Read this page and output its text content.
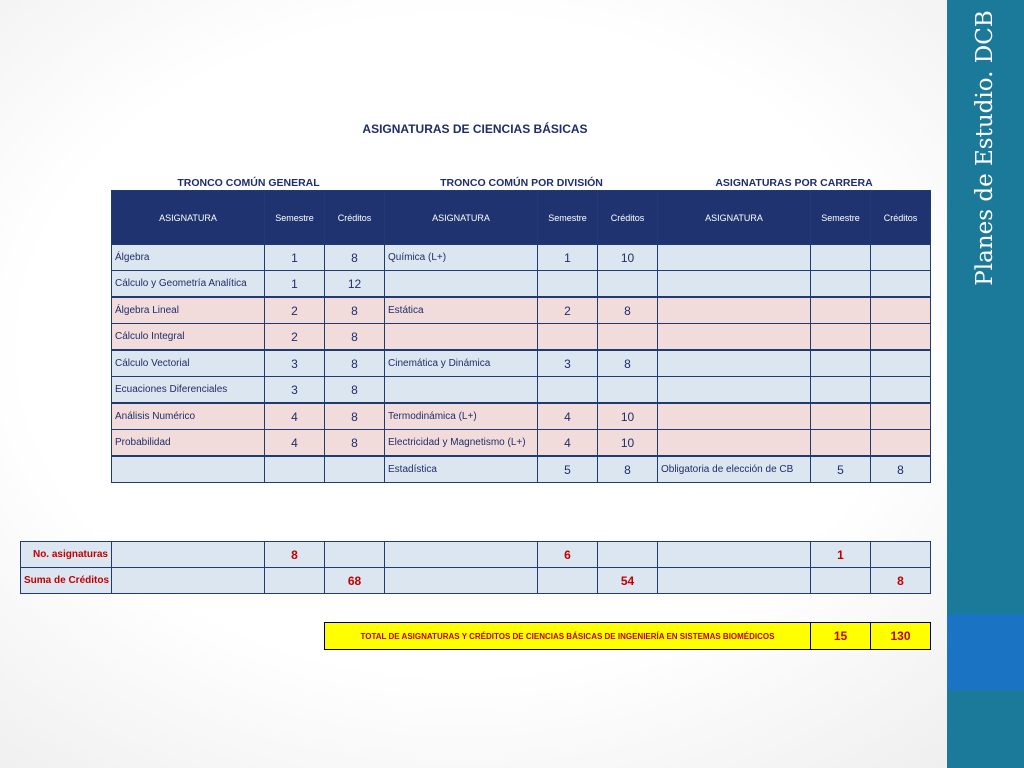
Planes de Estudio. DCB
ASIGNATURAS DE CIENCIAS BÁSICAS
TRONCO COMÚN GENERAL	TRONCO COMÚN POR DIVISIÓN	ASIGNATURAS POR CARRERA
ASIGNATURA	Semestre	Créditos	ASIGNATURA	Semestre	Créditos	ASIGNATURA	Semestre	Créditos
Álgebra	1	8	Química (L+)	1	10			
Cálculo y Geometría Analítica	1	12						
Álgebra Lineal	2	8	Estática	2	8			
Cálculo Integral	2	8						
Cálculo Vectorial	3	8	Cinemática y Dinámica	3	8			
Ecuaciones Diferenciales	3	8						
Análisis Numérico	4	8	Termodinámica (L+)	4	10			
Probabilidad	4	8	Electricidad y Magnetismo (L+)	4	10			
			Estadística	5	8	Obligatoria de elección de CB	5	8
No. asignaturas		8			6			1	
Suma de Créditos			68			54			8
TOTAL DE ASIGNATURAS Y CRÉDITOS DE CIENCIAS BÁSICAS DE INGENIERÍA EN SISTEMAS BIOMÉDICOS	15	130
